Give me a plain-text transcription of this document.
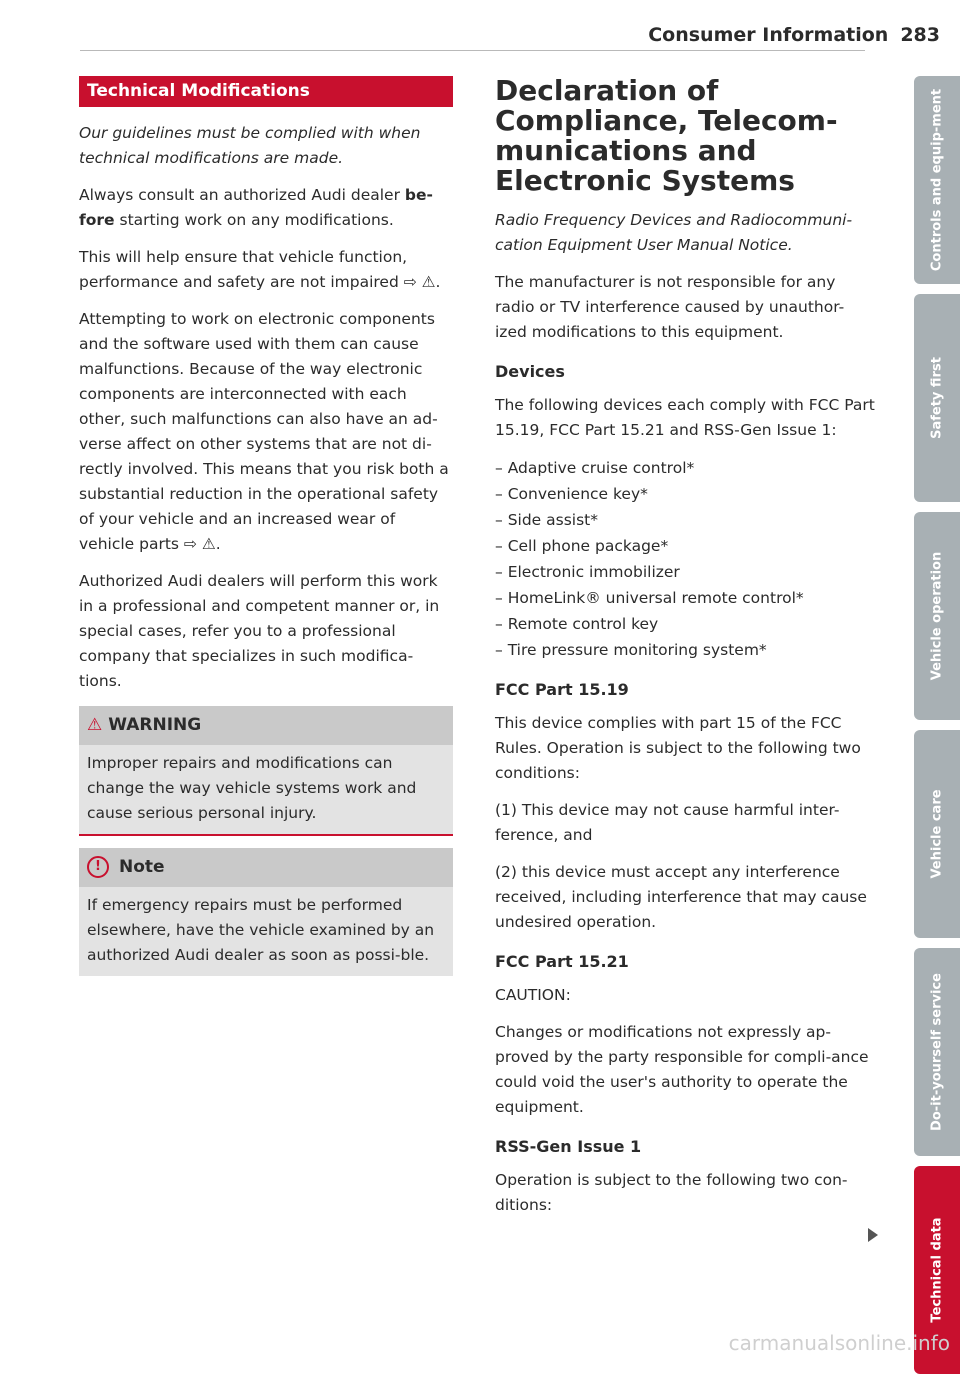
Consumer Information 283
Technical Modifications

Our guidelines must be complied with when technical modifications are made.

Always consult an authorized Audi dealer be-fore starting work on any modifications.

This will help ensure that vehicle function, performance and safety are not impaired ⇨ ⚠.

Attempting to work on electronic components and the software used with them can cause malfunctions. Because of the way electronic components are interconnected with each other, such malfunctions can also have an ad-verse affect on other systems that are not di-rectly involved. This means that you risk both a substantial reduction in the operational safety of your vehicle and an increased wear of vehicle parts ⇨ ⚠.

Authorized Audi dealers will perform this work in a professional and competent manner or, in special cases, refer you to a professional company that specializes in such modifica-tions.

⚠ WARNING

Improper repairs and modifications can change the way vehicle systems work and cause serious personal injury.

! Note

If emergency repairs must be performed elsewhere, have the vehicle examined by an authorized Audi dealer as soon as possi-ble.

Declaration of Compliance, Telecom-munications and Electronic Systems

Radio Frequency Devices and Radiocommuni-cation Equipment User Manual Notice.

The manufacturer is not responsible for any radio or TV interference caused by unauthor-ized modifications to this equipment.

Devices

The following devices each comply with FCC Part 15.19, FCC Part 15.21 and RSS-Gen Issue 1:

– Adaptive cruise control*
– Convenience key*
– Side assist*
– Cell phone package*
– Electronic immobilizer
– HomeLink® universal remote control*
– Remote control key
– Tire pressure monitoring system*
FCC Part 15.19

This device complies with part 15 of the FCC Rules. Operation is subject to the following two conditions:

(1) This device may not cause harmful inter-ference, and

(2) this device must accept any interference received, including interference that may cause undesired operation.

FCC Part 15.21

CAUTION:

Changes or modifications not expressly ap-proved by the party responsible for compli-ance could void the user's authority to operate the equipment.

RSS-Gen Issue 1

Operation is subject to the following two con-ditions:

Controls and equip-ment
Safety first
Vehicle operation
Vehicle care
Do-it-yourself service
Technical data
carmanualsonline.info
